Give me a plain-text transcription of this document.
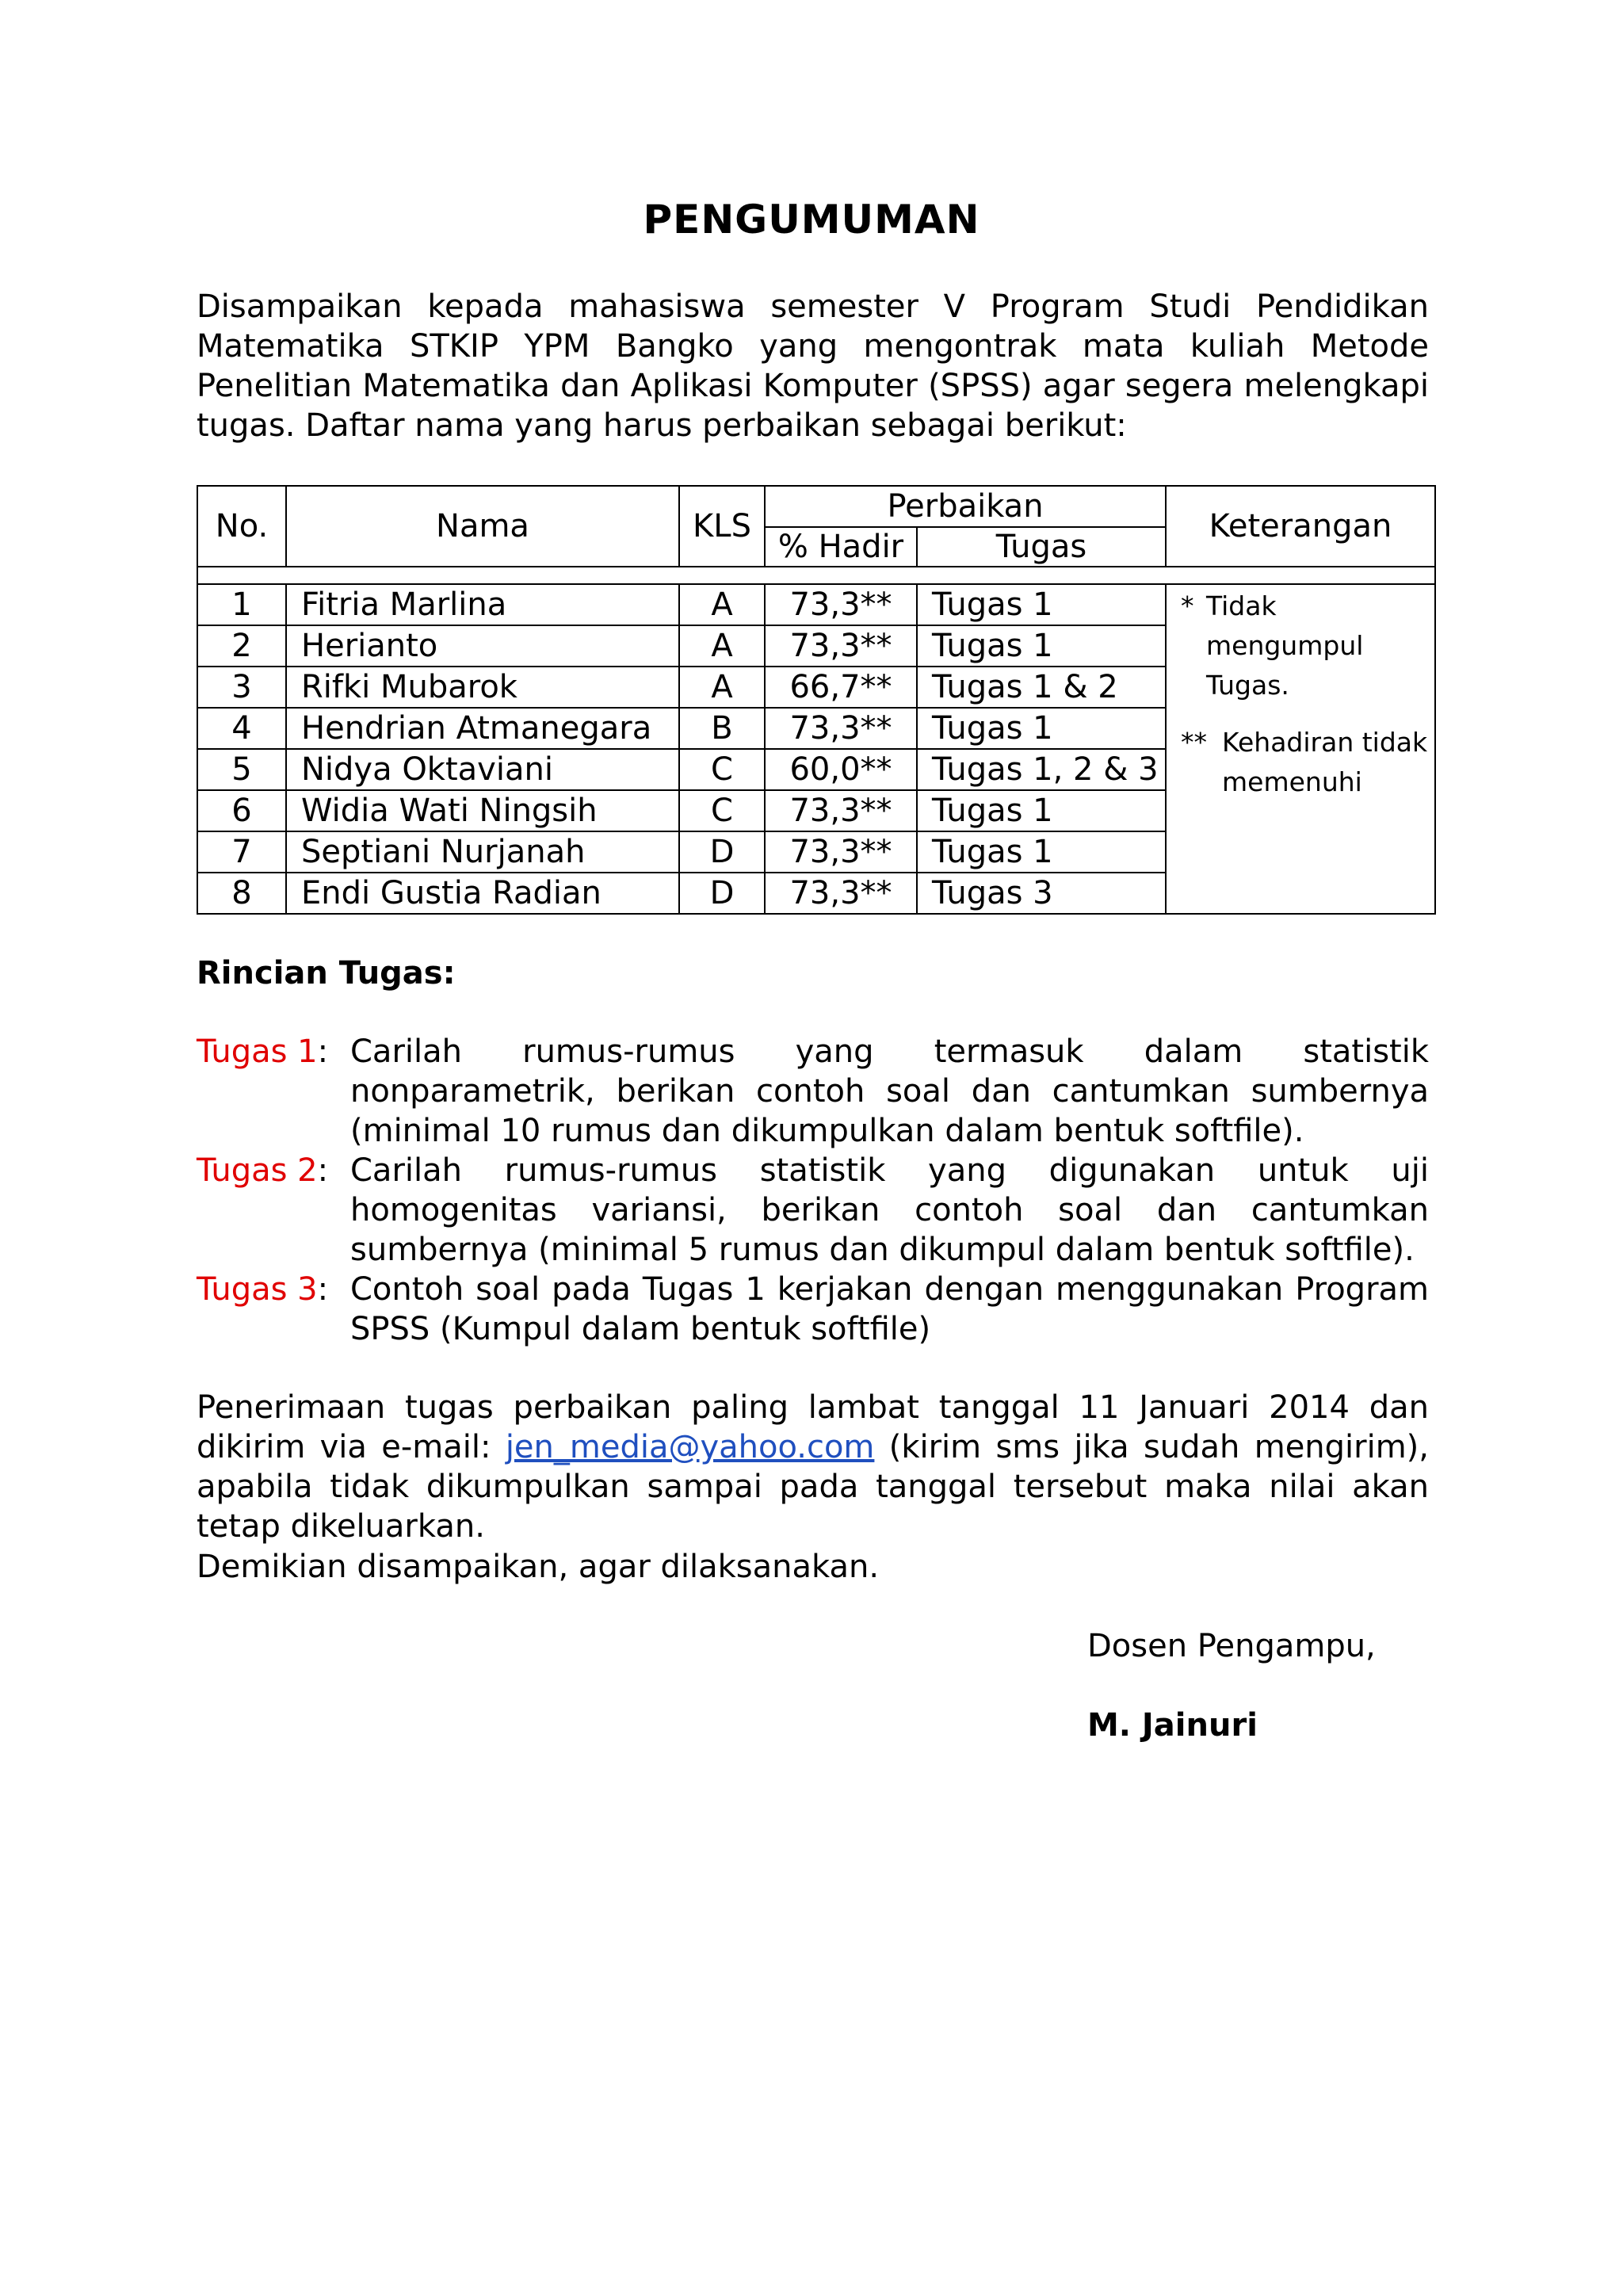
PENGUMUMAN
Disampaikan kepada mahasiswa semester V Program Studi Pendidikan Matematika STKIP YPM Bangko yang mengontrak mata kuliah Metode Penelitian Matematika dan Aplikasi Komputer (SPSS) agar segera melengkapi tugas. Daftar nama yang harus perbaikan sebagai berikut:
No.	Nama	KLS	Perbaikan		Keterangan
			% Hadir	Tugas	

1	Fitria Marlina	A	73,3**	Tugas 1	* Tidak mengumpul Tugas.
** Kehadiran tidak memenuhi

2	Herianto	A	73,3**	Tugas 1	
3	Rifki Mubarok	A	66,7**	Tugas 1 & 2	
4	Hendrian Atmanegara	B	73,3**	Tugas 1	
5	Nidya Oktaviani	C	60,0**	Tugas 1, 2 & 3	
6	Widia Wati Ningsih	C	73,3**	Tugas 1	
7	Septiani Nurjanah	D	73,3**	Tugas 1	
8	Endi Gustia Radian	D	73,3**	Tugas 3	
Rincian Tugas:
Tugas 1: Carilah rumus-rumus yang termasuk dalam statistik nonparametrik, berikan contoh soal dan cantumkan sumbernya (minimal 10 rumus dan dikumpulkan dalam bentuk softfile).
Tugas 2: Carilah rumus-rumus statistik yang digunakan untuk uji homogenitas variansi, berikan contoh soal dan cantumkan sumbernya (minimal 5 rumus dan dikumpul dalam bentuk softfile).
Tugas 3: Contoh soal pada Tugas 1 kerjakan dengan menggunakan Program SPSS (Kumpul dalam bentuk softfile)
Penerimaan tugas perbaikan paling lambat tanggal 11 Januari 2014 dan dikirim via e-mail: jen_media@yahoo.com (kirim sms jika sudah mengirim), apabila tidak dikumpulkan sampai pada tanggal tersebut maka nilai akan tetap dikeluarkan.
Demikian disampaikan, agar dilaksanakan.
Dosen Pengampu,
M. Jainuri
